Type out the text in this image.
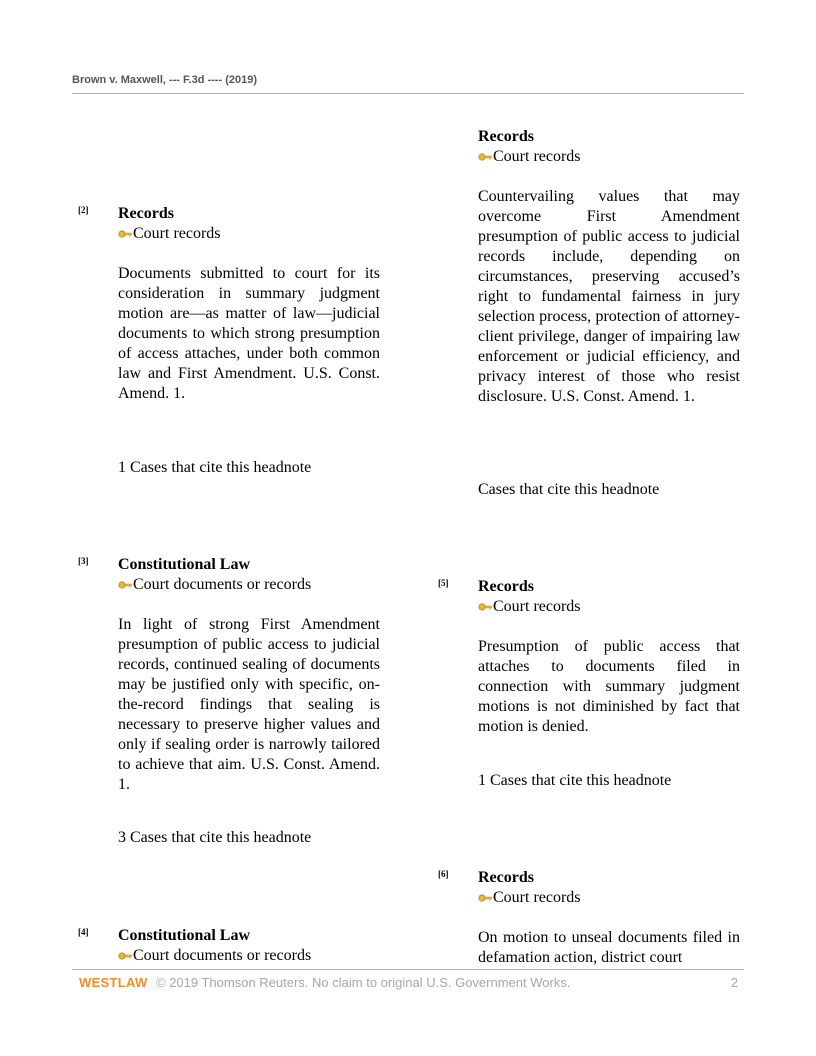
Brown v. Maxwell, --- F.3d ---- (2019)
[2] Records
Court records
Documents submitted to court for its consideration in summary judgment motion are—as matter of law—judicial documents to which strong presumption of access attaches, under both common law and First Amendment. U.S. Const. Amend. 1.
1 Cases that cite this headnote
[3] Constitutional Law
Court documents or records
In light of strong First Amendment presumption of public access to judicial records, continued sealing of documents may be justified only with specific, on-the-record findings that sealing is necessary to preserve higher values and only if sealing order is narrowly tailored to achieve that aim. U.S. Const. Amend. 1.
3 Cases that cite this headnote
[4] Constitutional Law
Court documents or records
Records
Court records
Countervailing values that may overcome First Amendment presumption of public access to judicial records include, depending on circumstances, preserving accused’s right to fundamental fairness in jury selection process, protection of attorney-client privilege, danger of impairing law enforcement or judicial efficiency, and privacy interest of those who resist disclosure. U.S. Const. Amend. 1.
Cases that cite this headnote
[5] Records
Court records
Presumption of public access that attaches to documents filed in connection with summary judgment motions is not diminished by fact that motion is denied.
1 Cases that cite this headnote
[6] Records
Court records
On motion to unseal documents filed in defamation action, district court
WESTLAW © 2019 Thomson Reuters. No claim to original U.S. Government Works.	2
